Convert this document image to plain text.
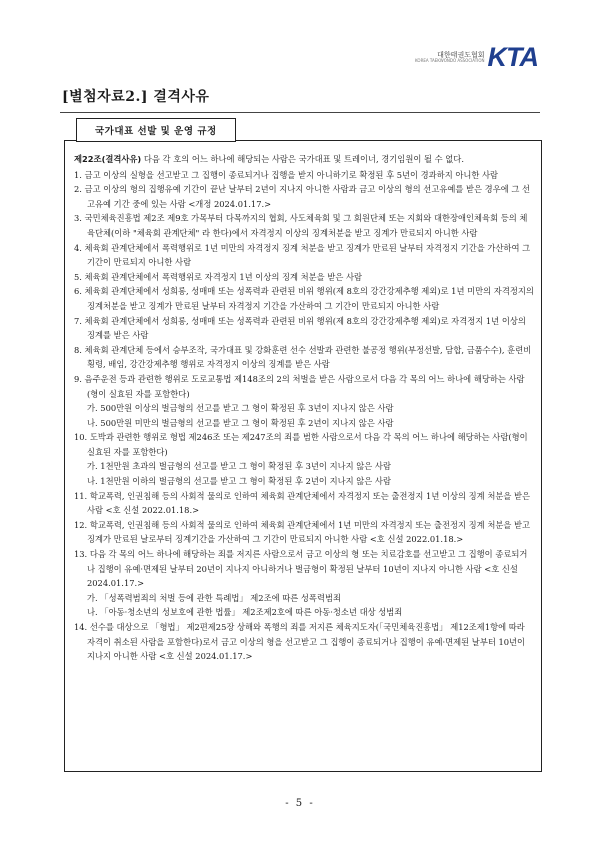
대한태권도협회
KOREA TAEKWONDO ASSOCIATION KTA
[별첨자료2.] 결격사유
국가대표 선발 및 운영 규정

제22조(결격사유) 다음 각 호의 어느 하나에 해당되는 사람은 국가대표 및 트레이너, 경기임원이 될 수 없다.

1. 금고 이상의 실형을 선고받고 그 집행이 종료되거나 집행을 받지 아니하기로 확정된 후 5년이 경과하지 아니한 사람

2. 금고 이상의 형의 집행유예 기간이 끝난 날부터 2년이 지나지 아니한 사람과 금고 이상의 형의 선고유예를 받은 경우에 그 선고유예 기간 중에 있는 사람 <개정 2024.01.17.>

3. 국민체육진흥법 제2조 제9호 가목부터 다목까지의 협회, 사도체육회 및 그 회원단체 또는 지회와 대한장애인체육회 등의 체육단체(이하 "체육회 관계단체" 라 한다)에서 자격정지 이상의 징계처분을 받고 징계가 만료되지 아니한 사람

4. 체육회 관계단체에서 폭력행위로 1년 미만의 자격정지 징계 처분을 받고 징계가 만료된 날부터 자격정지 기간을 가산하여 그 기간이 만료되지 아니한 사람

5. 체육회 관계단체에서 폭력행위로 자격정지 1년 이상의 징계 처분을 받은 사람

6. 체육회 관계단체에서 성희롱, 성매매 또는 성폭력과 관련된 비위 행위(제 8호의 강간강제추행 제외)로 1년 미만의 자격정지의 징계처분을 받고 징계가 만료된 날부터 자격정지 기간을 가산하여 그 기간이 만료되지 아니한 사람

7. 체육회 관계단체에서 성희롱, 성매매 또는 성폭력과 관련된 비위 행위(제 8호의 강간강제추행 제외)로 자격정지 1년 이상의 징계를 받은 사람

8. 체육회 관계단체 등에서 승부조작, 국가대표 및 강화훈련 선수 선발과 관련한 불공정 행위(부정선발, 담합, 금품수수), 훈련비 횡령, 배임, 강간강제추행 행위로 자격정지 이상의 징계를 받은 사람

9. 음주운전 등과 관련한 행위로 도로교통법 제148조의 2의 처벌을 받은 사람으로서 다음 각 목의 어느 하나에 해당하는 사람(형이 실효된 자를 포함한다)

가. 500만원 이상의 벌금형의 선고를 받고 그 형이 확정된 후 3년이 지나지 않은 사람

나. 500만원 미만의 벌금형의 선고를 받고 그 형이 확정된 후 2년이 지나지 않은 사람

10. 도박과 관련한 행위로 형법 제246조 또는 제247조의 죄를 범한 사람으로서 다음 각 목의 어느 하나에 해당하는 사람(형이 실효된 자를 포함한다)

가. 1천만원 초과의 벌금형의 선고를 받고 그 형이 확정된 후 3년이 지나지 않은 사람

나. 1천만원 이하의 벌금형의 선고를 받고 그 형이 확정된 후 2년이 지나지 않은 사람

11. 학교폭력, 인권침해 등의 사회적 물의로 인하여 체육회 관계단체에서 자격정지 또는 출전정지 1년 이상의 징계 처분을 받은 사람 <호 신설 2022.01.18.>

12. 학교폭력, 인권침해 등의 사회적 물의로 인하여 체육회 관계단체에서 1년 미만의 자격정지 또는 출전정지 징계 처분을 받고 징계가 만료된 날로부터 징계기간을 가산하여 그 기간이 만료되지 아니한 사람 <호 신설 2022.01.18.>

13. 다음 각 목의 어느 하나에 해당하는 죄를 저지른 사람으로서 금고 이상의 형 또는 치료감호를 선고받고 그 집행이 종료되거나 집행이 유예·면제된 날부터 20년이 지나지 아니하거나 벌금형이 확정된 날부터 10년이 지나지 아니한 사람 <호 신설 2024.01.17.>

가. 「성폭력범죄의 처벌 등에 관한 특례법」 제2조에 따른 성폭력범죄

나. 「아동·청소년의 성보호에 관한 법률」 제2조제2호에 따른 아동·청소년 대상 성범죄

14. 선수를 대상으로 「형법」 제2편제25장 상해와 폭행의 죄를 저지른 체육지도자(「국민체육진흥법」 제12조제1항에 따라 자격이 취소된 사람을 포함한다)로서 금고 이상의 형을 선고받고 그 집행이 종료되거나 집행이 유예·면제된 날부터 10년이 지나지 아니한 사람 <호 신설 2024.01.17.>

- 5 -
